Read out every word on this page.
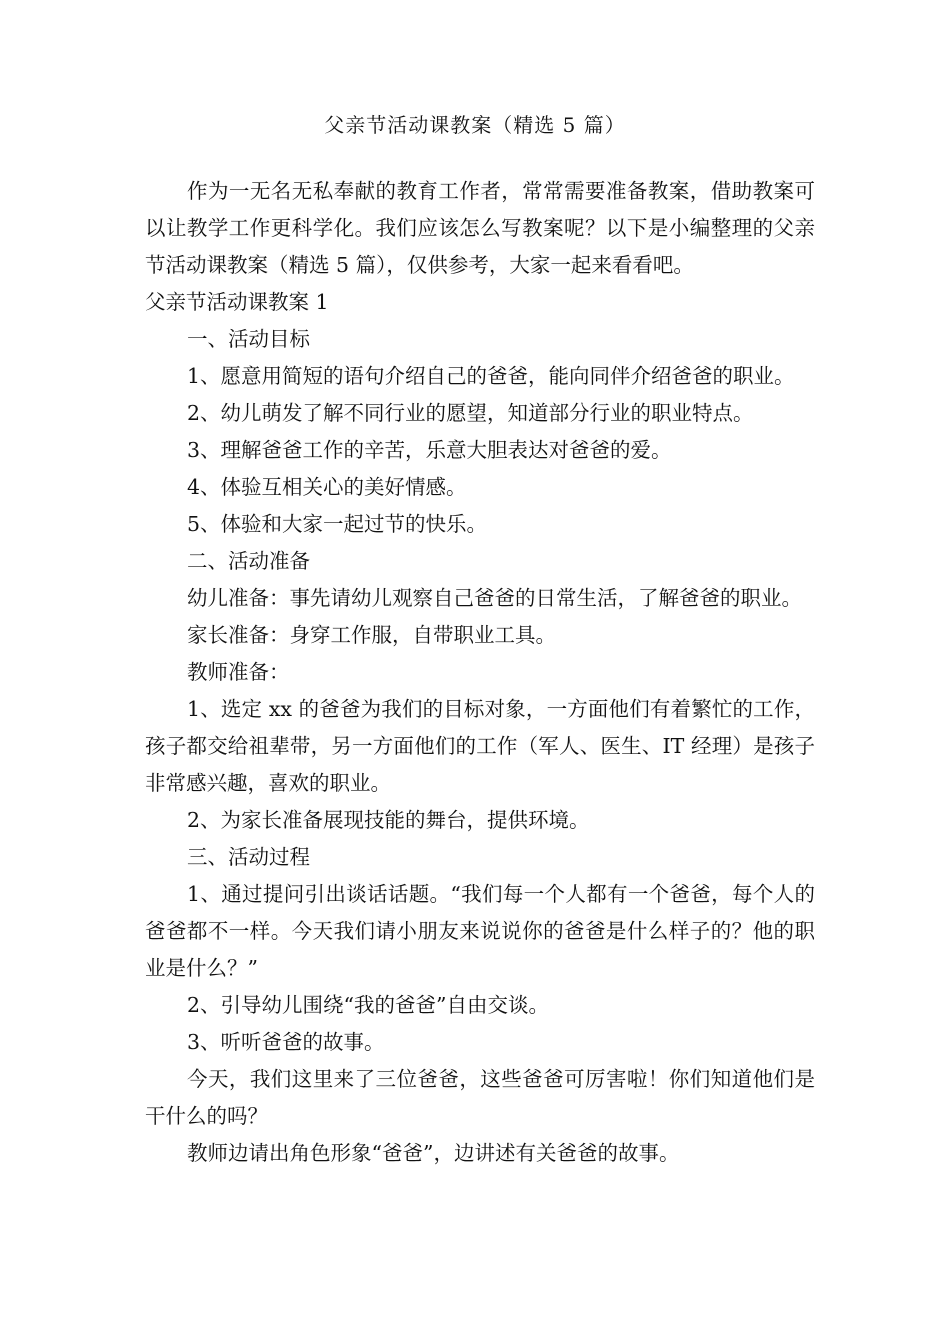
父亲节活动课教案（精选 5 篇）

作为一无名无私奉献的教育工作者，常常需要准备教案，借助教案可以让教学工作更科学化。我们应该怎么写教案呢？以下是小编整理的父亲节活动课教案（精选 5 篇），仅供参考，大家一起来看看吧。

父亲节活动课教案 1

一、活动目标

1、愿意用简短的语句介绍自己的爸爸，能向同伴介绍爸爸的职业。

2、幼儿萌发了解不同行业的愿望，知道部分行业的职业特点。

3、理解爸爸工作的辛苦，乐意大胆表达对爸爸的爱。

4、体验互相关心的美好情感。

5、体验和大家一起过节的快乐。

二、活动准备

幼儿准备：事先请幼儿观察自己爸爸的日常生活，了解爸爸的职业。

家长准备：身穿工作服，自带职业工具。

教师准备：

1、选定 xx 的爸爸为我们的目标对象，一方面他们有着繁忙的工作，孩子都交给祖辈带，另一方面他们的工作（军人、医生、IT 经理）是孩子非常感兴趣，喜欢的职业。

2、为家长准备展现技能的舞台，提供环境。

三、活动过程

1、通过提问引出谈话话题。“我们每一个人都有一个爸爸，每个人的爸爸都不一样。今天我们请小朋友来说说你的爸爸是什么样子的？他的职业是什么？”

2、引导幼儿围绕“我的爸爸”自由交谈。

3、听听爸爸的故事。

今天，我们这里来了三位爸爸，这些爸爸可厉害啦！你们知道他们是干什么的吗？

教师边请出角色形象“爸爸”，边讲述有关爸爸的故事。
